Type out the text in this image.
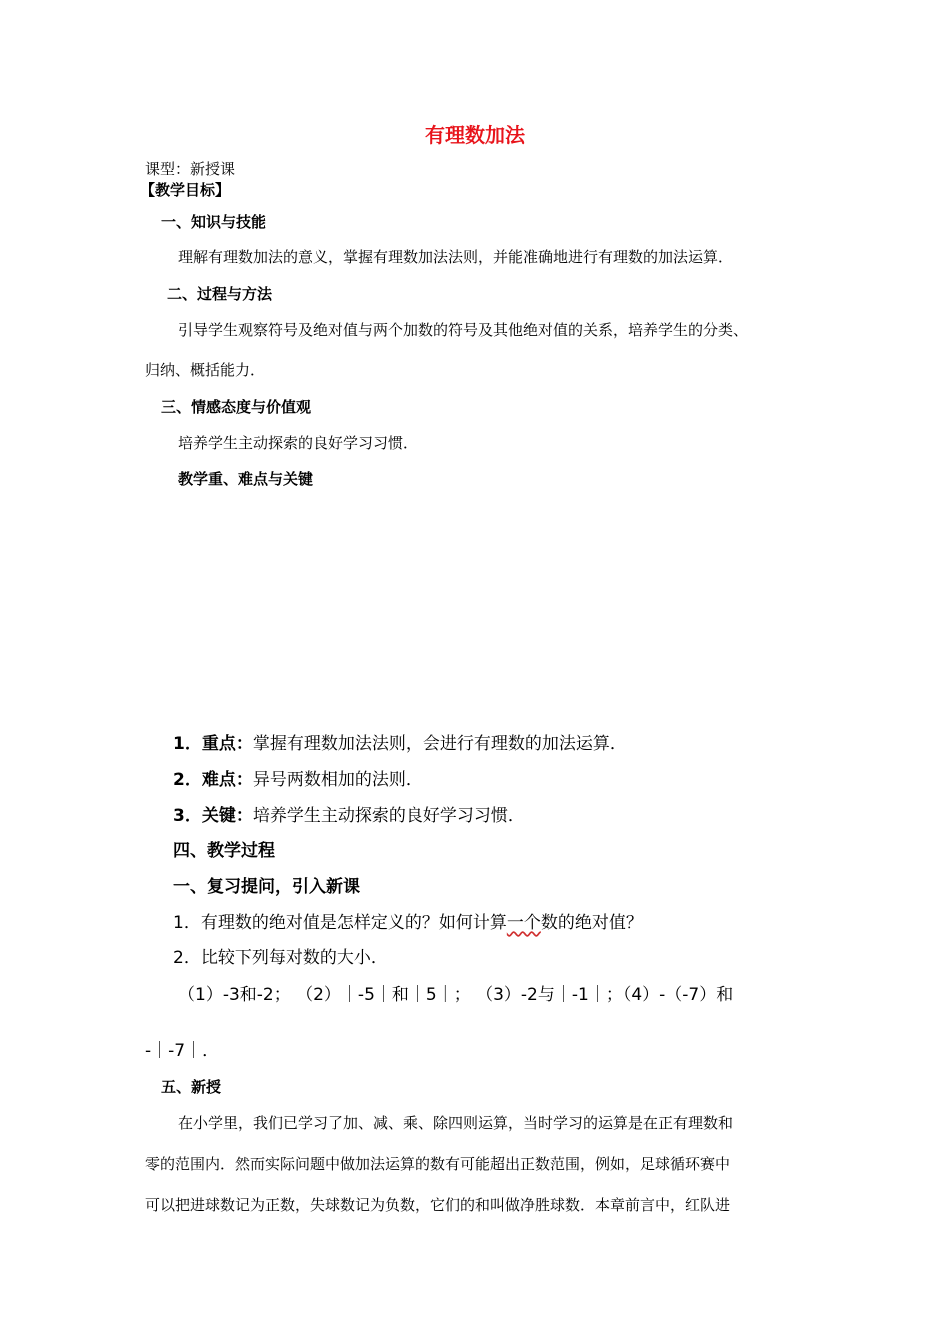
有理数加法
课型：新授课
【教学目标】
一、知识与技能
理解有理数加法的意义，掌握有理数加法法则，并能准确地进行有理数的加法运算．
二、过程与方法
引导学生观察符号及绝对值与两个加数的符号及其他绝对值的关系，培养学生的分类、
归纳、概括能力．
三、情感态度与价值观
培养学生主动探索的良好学习习惯．
教学重、难点与关键
1．重点：掌握有理数加法法则，会进行有理数的加法运算．
2．难点：异号两数相加的法则．
3．关键：培养学生主动探索的良好学习习惯．
四、教学过程
一、复习提问，引入新课
1．有理数的绝对值是怎样定义的？如何计算一个数的绝对值？
2．比较下列每对数的大小．
（1）-3和-2； （2）｜-5｜和｜5｜； （3）-2与｜-1｜；（4）-（-7）和
-｜-7｜．
五、新授
在小学里，我们已学习了加、减、乘、除四则运算，当时学习的运算是在正有理数和
零的范围内．然而实际问题中做加法运算的数有可能超出正数范围，例如，足球循环赛中
可以把进球数记为正数，失球数记为负数，它们的和叫做净胜球数．本章前言中，红队进
